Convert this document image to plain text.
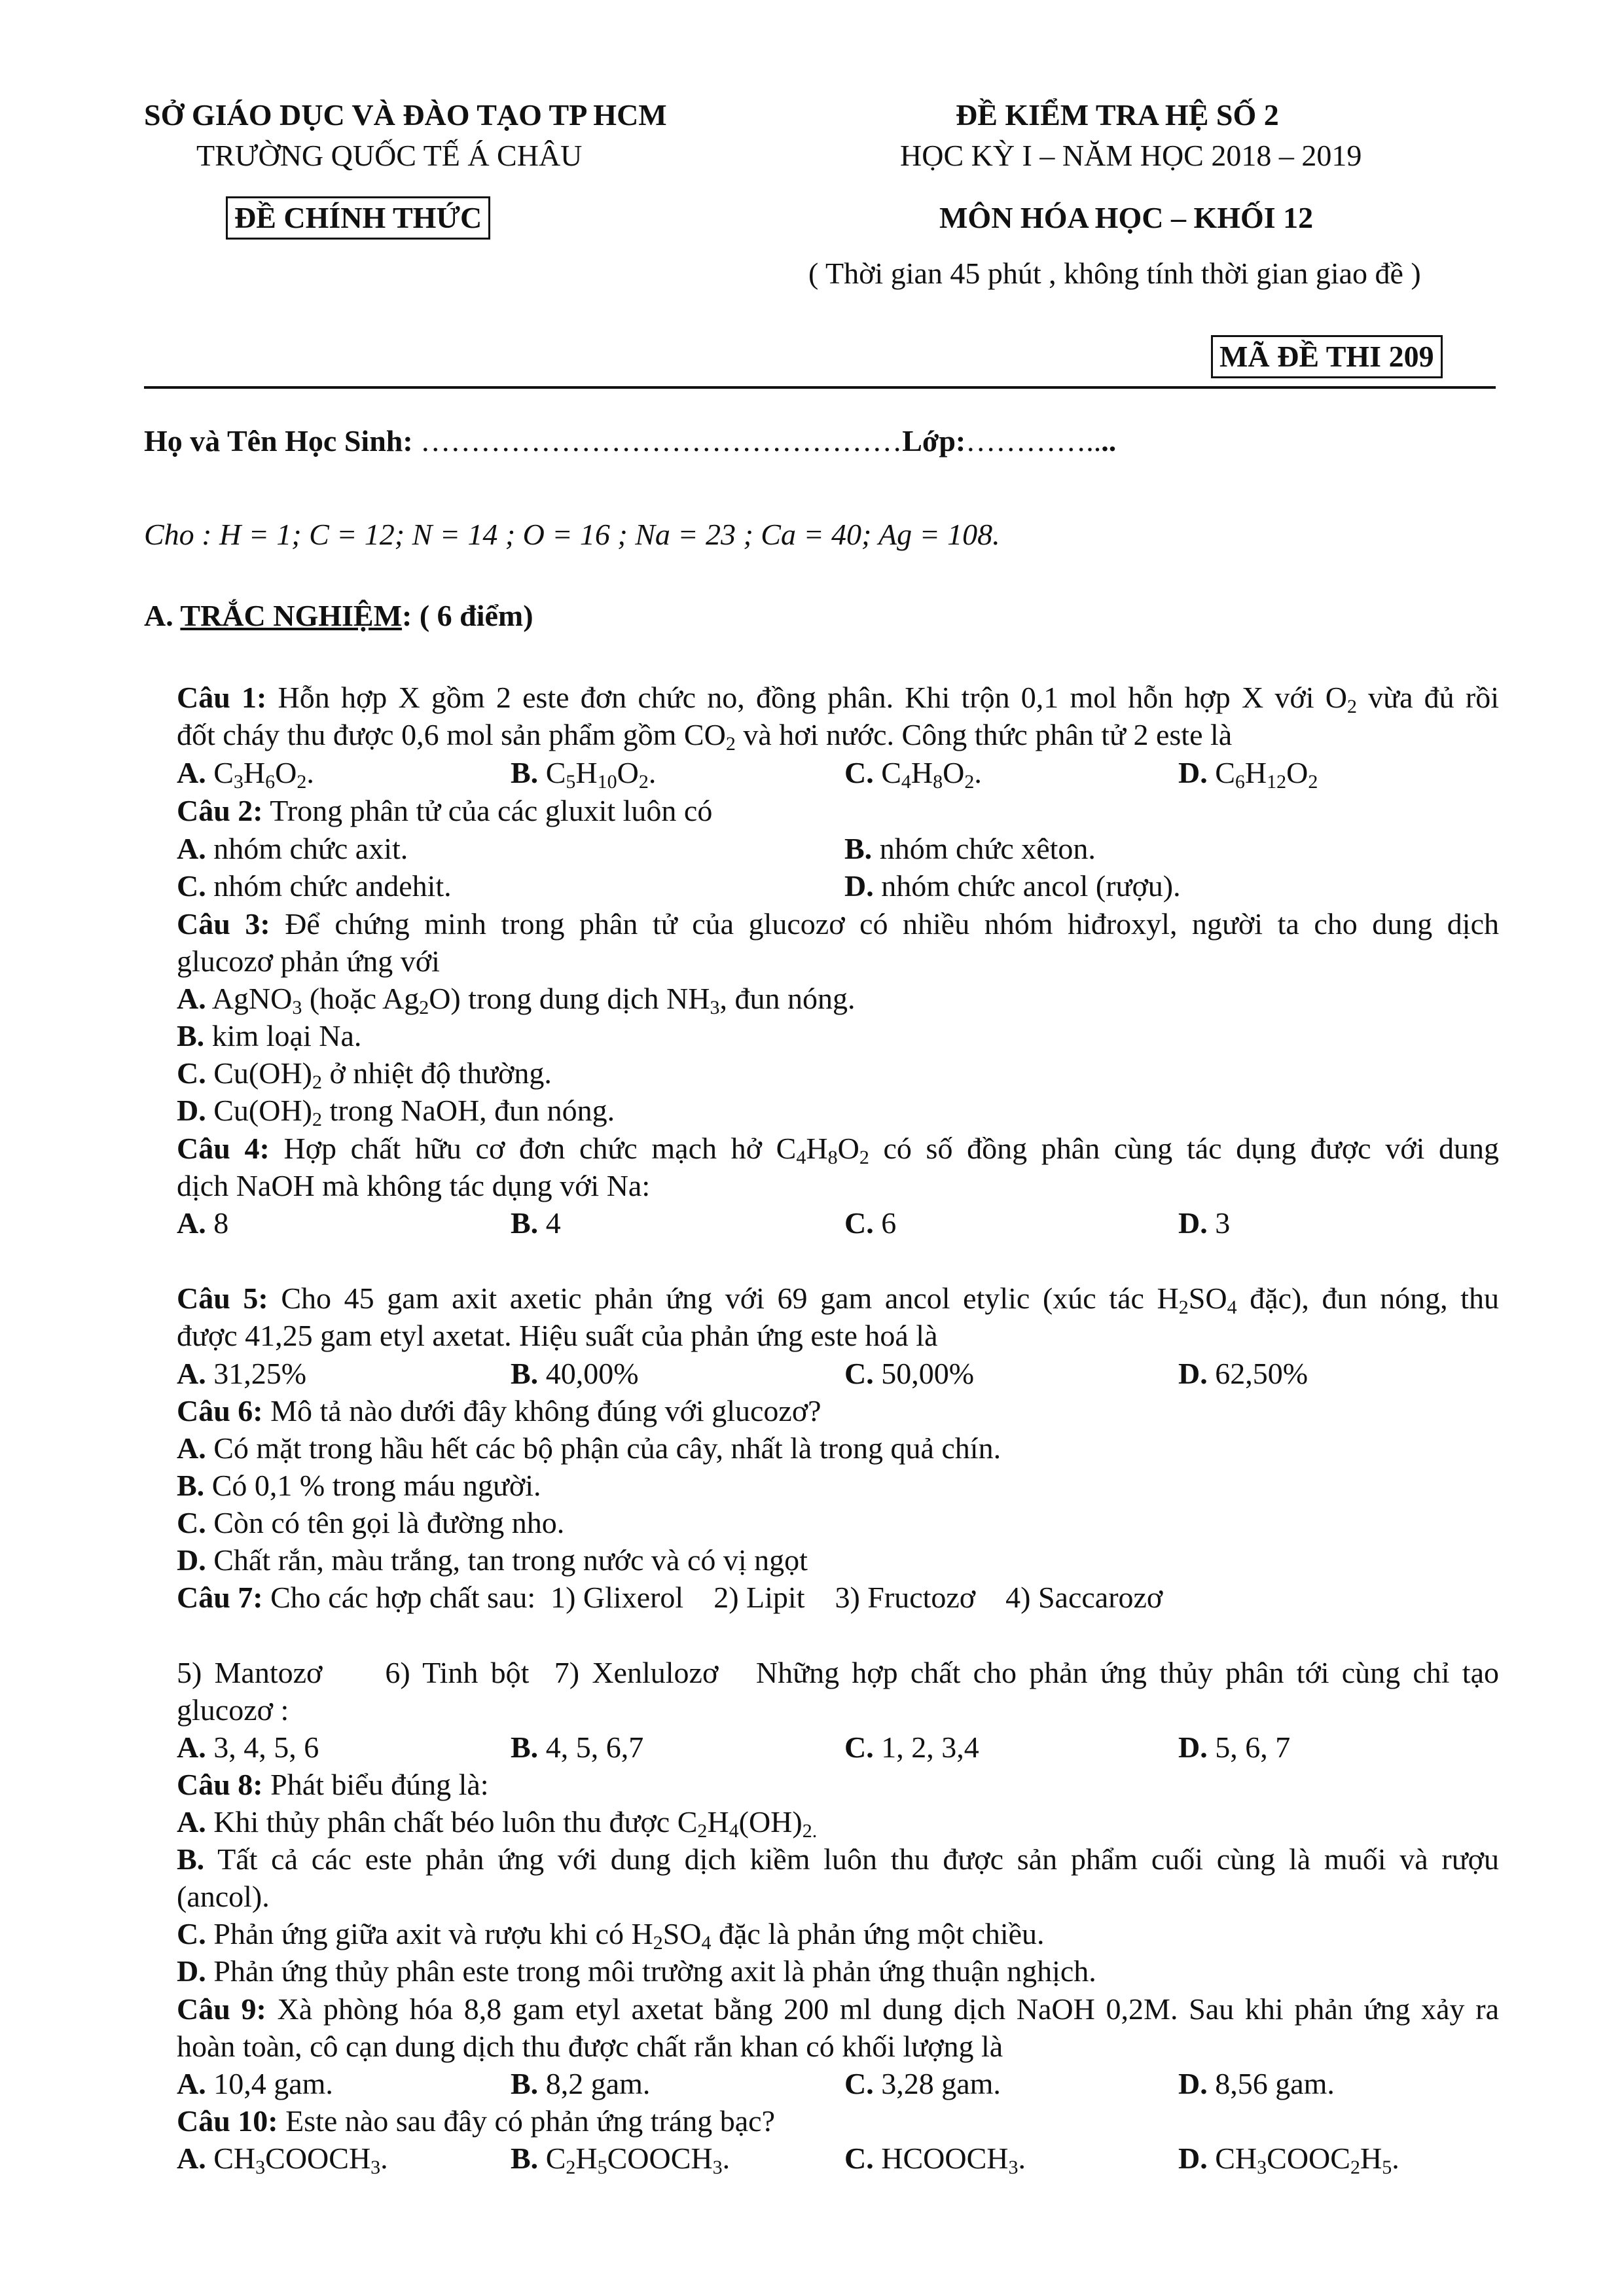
SỞ GIÁO DỤC VÀ ĐÀO TẠO TP HCM
TRƯỜNG QUỐC TẾ Á CHÂU
ĐỀ CHÍNH THỨC
ĐỀ KIỂM TRA HỆ SỐ 2
HỌC KỲ I – NĂM HỌC 2018 – 2019
MÔN HÓA HỌC – KHỐI 12
( Thời gian 45 phút , không tính thời gian giao đề )
MÃ ĐỀ THI 209
Họ và Tên Học Sinh: …………………………………………Lớp:…………....
Cho : H = 1; C = 12; N = 14 ; O = 16 ; Na = 23 ; Ca = 40; Ag = 108.
A. TRẮC NGHIỆM: ( 6 điểm)
Câu 1: Hỗn hợp X gồm 2 este đơn chức no, đồng phân. Khi trộn 0,1 mol hỗn hợp X với $O_2$ vừa đủ rồi
đốt cháy thu được 0,6 mol sản phẩm gồm $CO_2$ và hơi nước. Công thức phân tử 2 este là
A. $C_3H_6O_2$.	B. $C_5H_{10}O_2$.	C. $C_4H_8O_2$.	D. $C_6H_{12}O_2$
Câu 2: Trong phân tử của các gluxit luôn có
A. nhóm chức axit.	B. nhóm chức xêton.
C. nhóm chức andehit.	D. nhóm chức ancol (rượu).
Câu 3: Để chứng minh trong phân tử của glucozơ có nhiều nhóm hiđroxyl, người ta cho dung dịch
glucozơ phản ứng với
A. AgNO$_3$ (hoặc $Ag_2O$) trong dung dịch $NH_3$, đun nóng.
B. kim loại Na.
C. $Cu(OH)_2$ ở nhiệt độ thường.
D. $Cu(OH)_2$ trong NaOH, đun nóng.
Câu 4: Hợp chất hữu cơ đơn chức mạch hở $C_4H_8O_2$ có số đồng phân cùng tác dụng được với dung
dịch NaOH mà không tác dụng với Na:
A. 8	B. 4	C. 6	D. 3
Câu 5: Cho 45 gam axit axetic phản ứng với 69 gam ancol etylic (xúc tác $H_2SO_4$ đặc), đun nóng, thu
được 41,25 gam etyl axetat. Hiệu suất của phản ứng este hoá là
A. 31,25%	B. 40,00%	C. 50,00%	D. 62,50%
Câu 6: Mô tả nào dưới đây không đúng với glucozơ?
A. Có mặt trong hầu hết các bộ phận của cây, nhất là trong quả chín.
B. Có 0,1 % trong máu người.
C. Còn có tên gọi là đường nho.
D. Chất rắn, màu trắng, tan trong nước và có vị ngọt
Câu 7: Cho các hợp chất sau:  1) Glixerol    2) Lipit    3) Fructozơ    4) Saccarozơ
5) Mantozơ     6) Tinh bột  7) Xenlulozơ   Những hợp chất cho phản ứng thủy phân tới cùng chỉ tạo
glucozơ :
A. 3, 4, 5, 6	B. 4, 5, 6,7	C. 1, 2, 3,4	D. 5, 6, 7
Câu 8: Phát biểu đúng là:
A. Khi thủy phân chất béo luôn thu được $C_2H_4(OH)_{2.}$
B. Tất cả các este phản ứng với dung dịch kiềm luôn thu được sản phẩm cuối cùng là muối và rượu
(ancol).
C. Phản ứng giữa axit và rượu khi có $H_2SO_4$ đặc là phản ứng một chiều.
D. Phản ứng thủy phân este trong môi trường axit là phản ứng thuận nghịch.
Câu 9: Xà phòng hóa 8,8 gam etyl axetat bằng 200 ml dung dịch NaOH 0,2M. Sau khi phản ứng xảy ra
hoàn toàn, cô cạn dung dịch thu được chất rắn khan có khối lượng là
A. 10,4 gam.	B. 8,2 gam.	C. 3,28 gam.	D. 8,56 gam.
Câu 10: Este nào sau đây có phản ứng tráng bạc?
A. $CH_3COOCH_3$.	B. $C_2H_5COOCH_3$.	C. $HCOOCH_3$.	D. $CH_3COOC_2H_5$.
